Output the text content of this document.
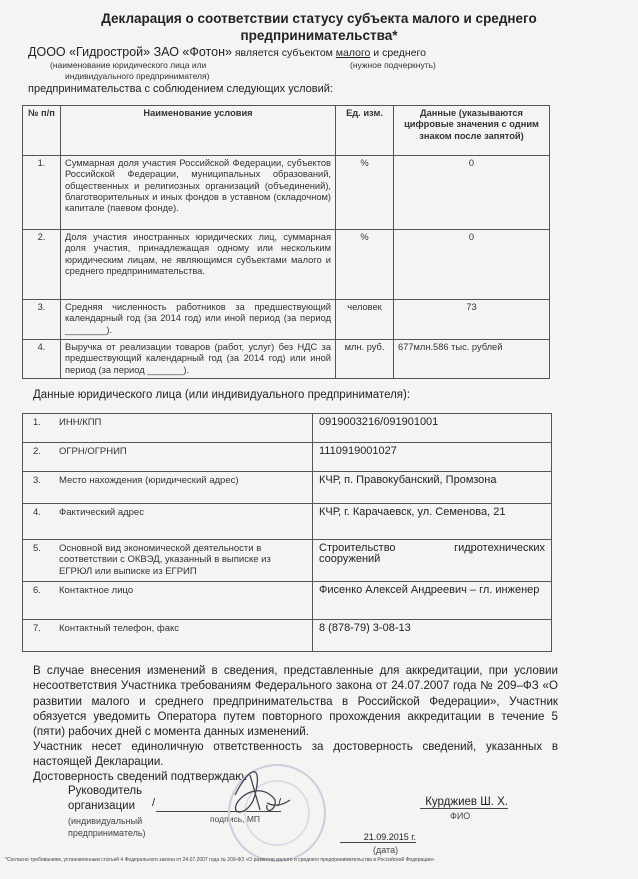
Декларация о соответствии статусу субъекта малого и среднего
предпринимательства*
ДООО «Гидрострой» ЗАО «Фотон» является субъектом малого и среднего
(наименование юридического лица или
индивидуального предпринимателя)
(нужное подчеркнуть)
предпринимательства с соблюдением следующих условий:
№ п/п	Наименование условия	Ед. изм.	Данные (указываются цифровые значения с одним знаком после запятой)
1.	Суммарная доля участия Российской Федерации, субъектов Российской Федерации, муниципальных образований, общественных и религиозных организаций (объединений), благотворительных и иных фондов в уставном (складочном) капитале (паевом фонде).	%	0
2.	Доля участия иностранных юридических лиц, суммарная доля участия, принадлежащая одному или нескольким юридическим лицам, не являющимся субъектами малого и среднего предпринимательства.	%	0
3.	Средняя численность работников за предшествующий календарный год (за 2014 год) или иной период (за период ________).	человек	73
4.	Выручка от реализации товаров (работ, услуг) без НДС за предшествующий календарный год (за 2014 год) или иной период (за период _______).	млн. руб.	677млн.586 тыс. рублей
Данные юридического лица (или индивидуального предпринимателя):
1. ИНН/КПП	0919003216/091901001
2. ОГРН/ОГРНИП	1110919001027
3. Место нахождения (юридический адрес)	КЧР, п. Правокубанский, Промзона
4. Фактический адрес	КЧР, г. Карачаевск, ул. Семенова, 21
5. Основной вид экономической деятельности в соответствии с ОКВЭД, указанный в выписке из ЕГРЮЛ или выписке из ЕГРИП	Строительство гидротехнических сооружений
6. Контактное лицо	Фисенко Алексей Андреевич – гл. инженер
7. Контактный телефон, факс	8 (878-79) 3-08-13
В случае внесения изменений в сведения, представленные для аккредитации, при условии несоответствия Участника требованиям Федерального закона от 24.07.2007 года № 209–ФЗ «О развитии малого и среднего предпринимательства в Российской Федерации», Участник обязуется уведомить Оператора путем повторного прохождения аккредитации в течение 5 (пяти) рабочих дней с момента данных изменений.
Участник несет единоличную ответственность за достоверность сведений, указанных в настоящей Декларации.
Достоверность сведений подтверждаю.
Руководитель
организации
(индивидуальный
предприниматель)
/	/
подпись, МП
Курджиев Ш. Х.
ФИО
21.09.2015 г.
(дата)
*Согласно требованиям, установленным статьей 4 Федерального закона от 24.07.2007 года № 209-ФЗ «О развитии малого и среднего предпринимательства в Российской Федерации»
